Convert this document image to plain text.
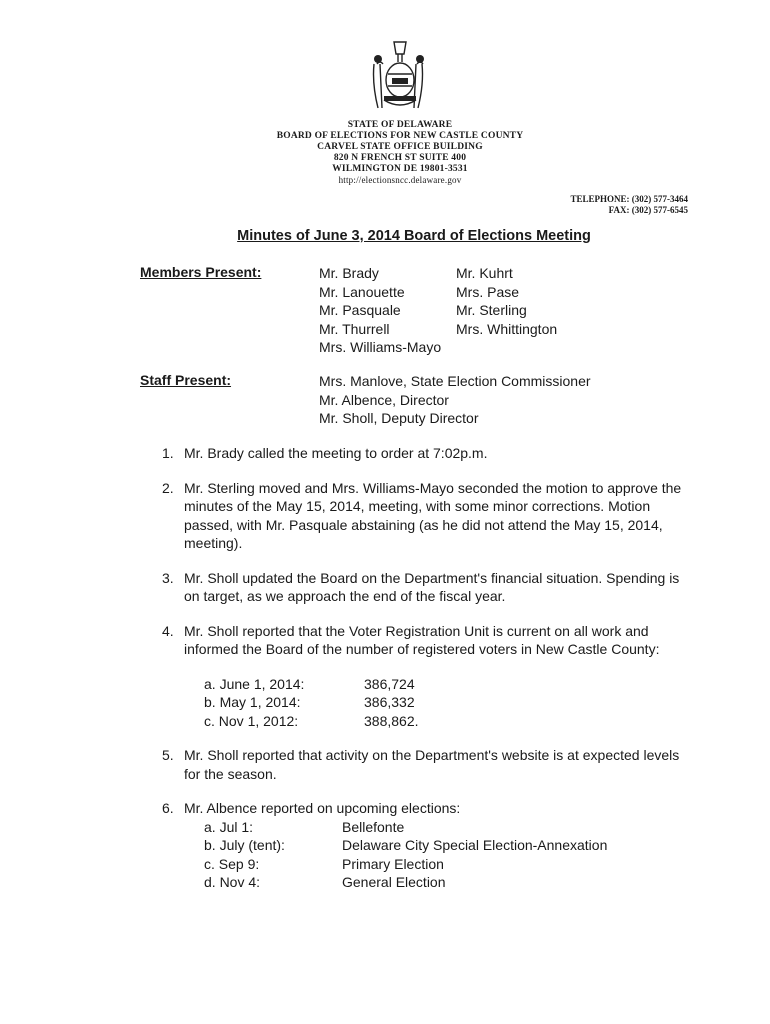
STATE OF DELAWARE
BOARD OF ELECTIONS FOR NEW CASTLE COUNTY
CARVEL STATE OFFICE BUILDING
820 N FRENCH ST SUITE 400
WILMINGTON DE 19801-3531
http://electionsncc.delaware.gov
TELEPHONE: (302) 577-3464
FAX: (302) 577-6545
Minutes of June 3, 2014 Board of Elections Meeting
Members Present:	Mr. Brady	Mr. Kuhrt
Mr. Lanouette	Mrs. Pase
Mr. Pasquale	Mr. Sterling
Mr. Thurrell	Mrs. Whittington
Mrs. Williams-Mayo
Staff Present:	Mrs. Manlove, State Election Commissioner
Mr. Albence, Director
Mr. Sholl, Deputy Director
1. Mr. Brady called the meeting to order at 7:02p.m.
2. Mr. Sterling moved and Mrs. Williams-Mayo seconded the motion to approve the minutes of the May 15, 2014, meeting, with some minor corrections. Motion passed, with Mr. Pasquale abstaining (as he did not attend the May 15, 2014, meeting).
3. Mr. Sholl updated the Board on the Department's financial situation. Spending is on target, as we approach the end of the fiscal year.
4. Mr. Sholl reported that the Voter Registration Unit is current on all work and informed the Board of the number of registered voters in New Castle County:
a. June 1, 2014:	386,724
b. May 1, 2014:	386,332
c. Nov 1, 2012:	388,862.
5. Mr. Sholl reported that activity on the Department's website is at expected levels for the season.
6. Mr. Albence reported on upcoming elections:
a. Jul 1:	Bellefonte
b. July (tent):	Delaware City Special Election-Annexation
c. Sep 9:	Primary Election
d. Nov 4:	General Election
